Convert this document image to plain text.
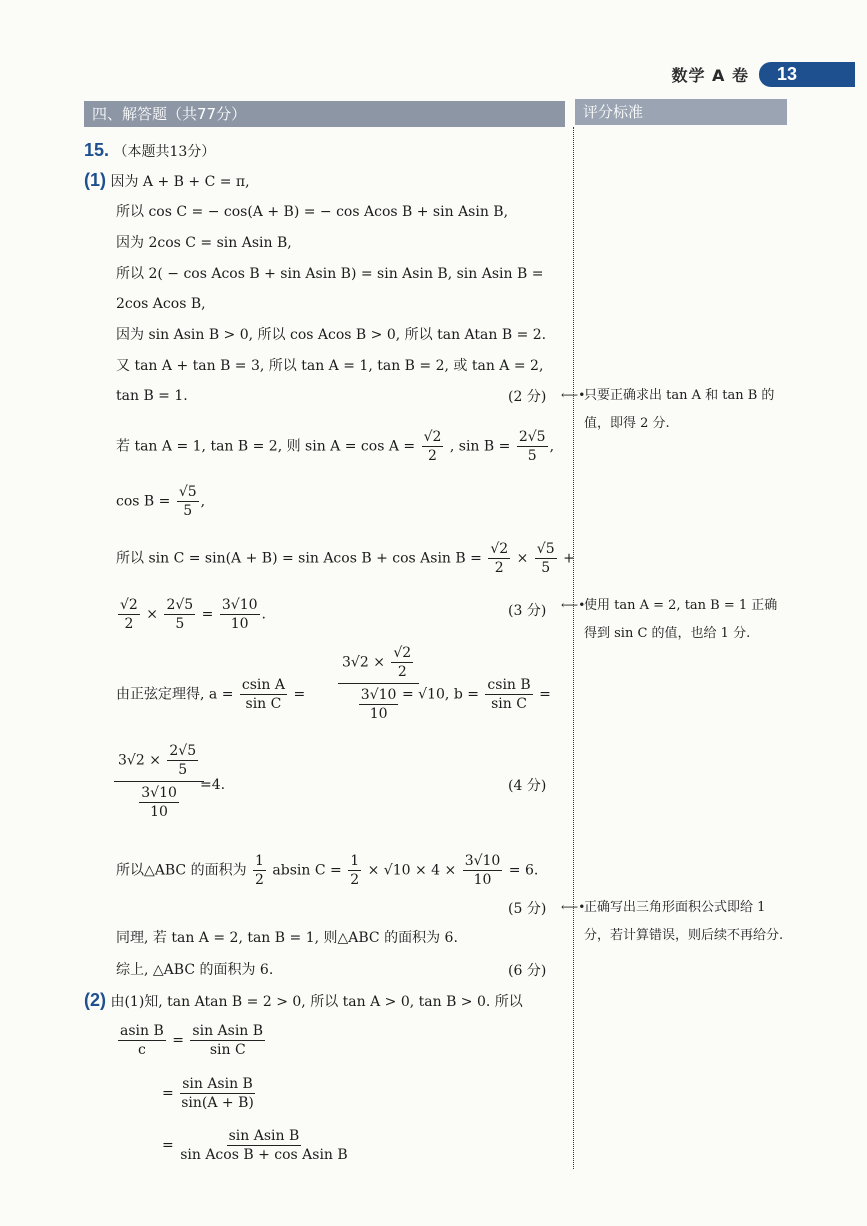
数学 A 卷	13
四、解答题（共77分）	评分标准
15. （本题共13分）
(1) 因为 A + B + C = π,
所以 cos C = − cos(A + B) = − cos Acos B + sin Asin B,
因为 2cos C = sin Asin B,
所以 2( − cos Acos B + sin Asin B) = sin Asin B, sin Asin B =
2cos Acos B,
因为 sin Asin B > 0, 所以 cos Acos B > 0, 所以 tan Atan B = 2.
又 tan A + tan B = 3, 所以 tan A = 1, tan B = 2, 或 tan A = 2,
tan B = 1.	(2 分)
若 tan A = 1, tan B = 2, 则 $\sin A = \cos A = \frac{√2}{2}$ , $\sin B = \frac{2√5}{5}$ ,
$\cos B = \frac{√5}{5}$ ,
所以 sin C = sin(A + B) = sin Acos B + cos Asin $B = \frac{√2}{2} \times \frac{√5}{5}$ +
$\frac{√2}{2} \times \frac{2√5}{5} = \frac{3√10}{10}$ .	(3 分)
由正弦定理得, $a = \frac{\text{csin A}}{\text{sin C}}$ =
$3√2 \times \frac{√2}{2}$
$\frac{3√10}{10} = √10$, $b = \frac{\text{csin B}}{\text{sin C}}$ =
$3√2 \times \frac{2√5}{5}$
$\frac{3√10}{10} =4$.	(4 分)
所以△ABC 的面积为 $\frac{1}{2}$ absin $C = \frac{1}{2} \times √10 \times 4 \times \frac{3√10}{10} = 6$.
(5 分)
同理, 若 tan A = 2, tan B = 1, 则△ABC 的面积为 6.
综上, △ABC 的面积为 6.	(6 分)
(2) 由(1)知, tan Atan B = 2 > 0, 所以 tan A > 0, tan B > 0. 所以
$\frac{\text{asin B}}{c} = \frac{\text{sin Asin B}}{\text{sin C}}$
= $\frac{\text{sin Asin B}}{\sin(A + B)}$
= $\frac{\text{sin Asin B}}{\text{sin Acos B + cos Asin B}}$
⟵•
只要正确求出 tan A 和 tan B 的值，即得 2 分.
⟵•
使用 tan A = 2, tan B = 1 正确得到 sin C 的值，也给 1 分.
⟵•
正确写出三角形面积公式即给 1 分，若计算错误，则后续不再给分.
